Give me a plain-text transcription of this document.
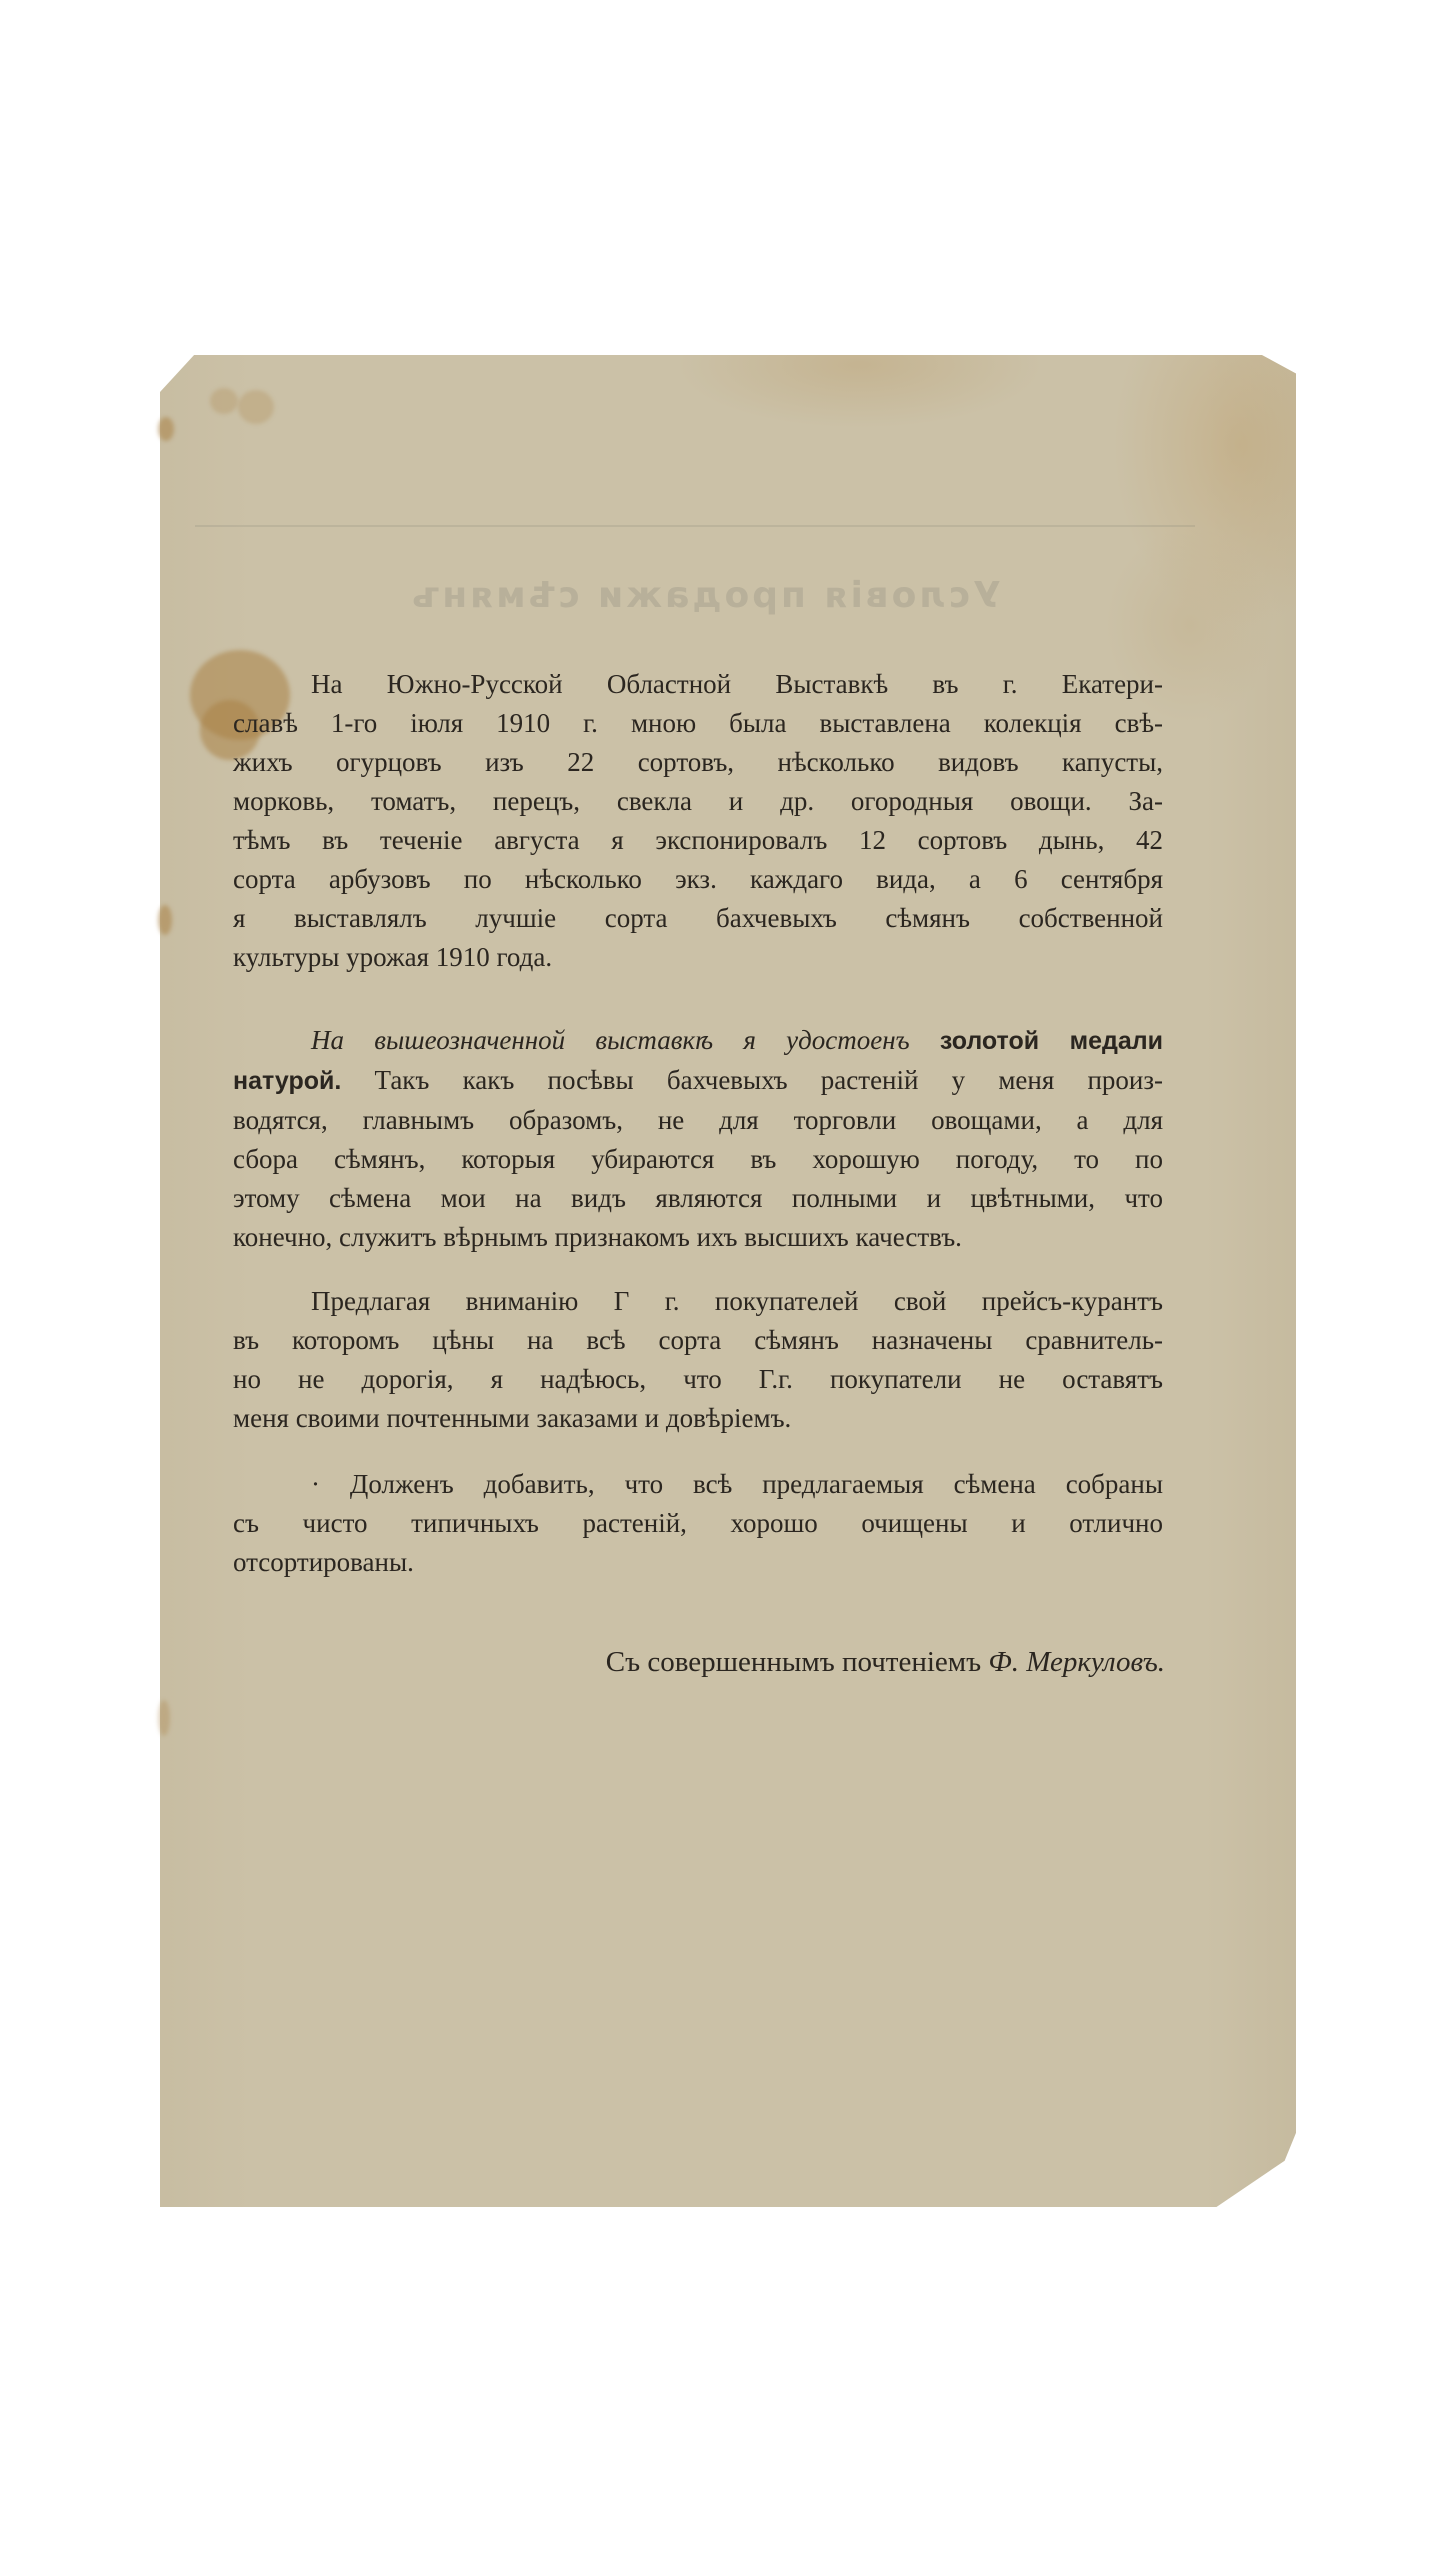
Условія продажи сѣмянъ
На Южно-Русской Областной Выставкѣ въ г. Екатери-
славѣ 1-го іюля 1910 г. мною была выставлена колекція свѣ-
жихъ огурцовъ изъ 22 сортовъ, нѣсколько видовъ капусты,
морковь, томатъ, перецъ, свекла и др. огородныя овощи. За-
тѣмъ въ теченіе августа я экспонировалъ 12 сортовъ дынь, 42
сорта арбузовъ по нѣсколько экз. каждаго вида, а 6 сентября
я выставлялъ лучшіе сорта бахчевыхъ сѣмянъ собственной
культуры урожая 1910 года.
На вышеозначенной выставкѣ я удостоенъ золотой медали
натурой. Такъ какъ посѣвы бахчевыхъ растеній у меня произ-
водятся, главнымъ образомъ, не для торговли овощами, а для
сбора сѣмянъ, которыя убираются въ хорошую погоду, то по
этому сѣмена мои на видъ являются полными и цвѣтными, что
конечно, служитъ вѣрнымъ признакомъ ихъ высшихъ качествъ.
Предлагая вниманію Г г. покупателей свой прейсъ-курантъ
въ которомъ цѣны на всѣ сорта сѣмянъ назначены сравнитель-
но не дорогія, я надѣюсь, что Г.г. покупатели не оставятъ
меня своими почтенными заказами и довѣріемъ.
· Долженъ добавить, что всѣ предлагаемыя сѣмена собраны
съ чисто типичныхъ растеній, хорошо очищены и отлично
отсортированы.
Съ совершеннымъ почтеніемъ Ф. Меркуловъ.
